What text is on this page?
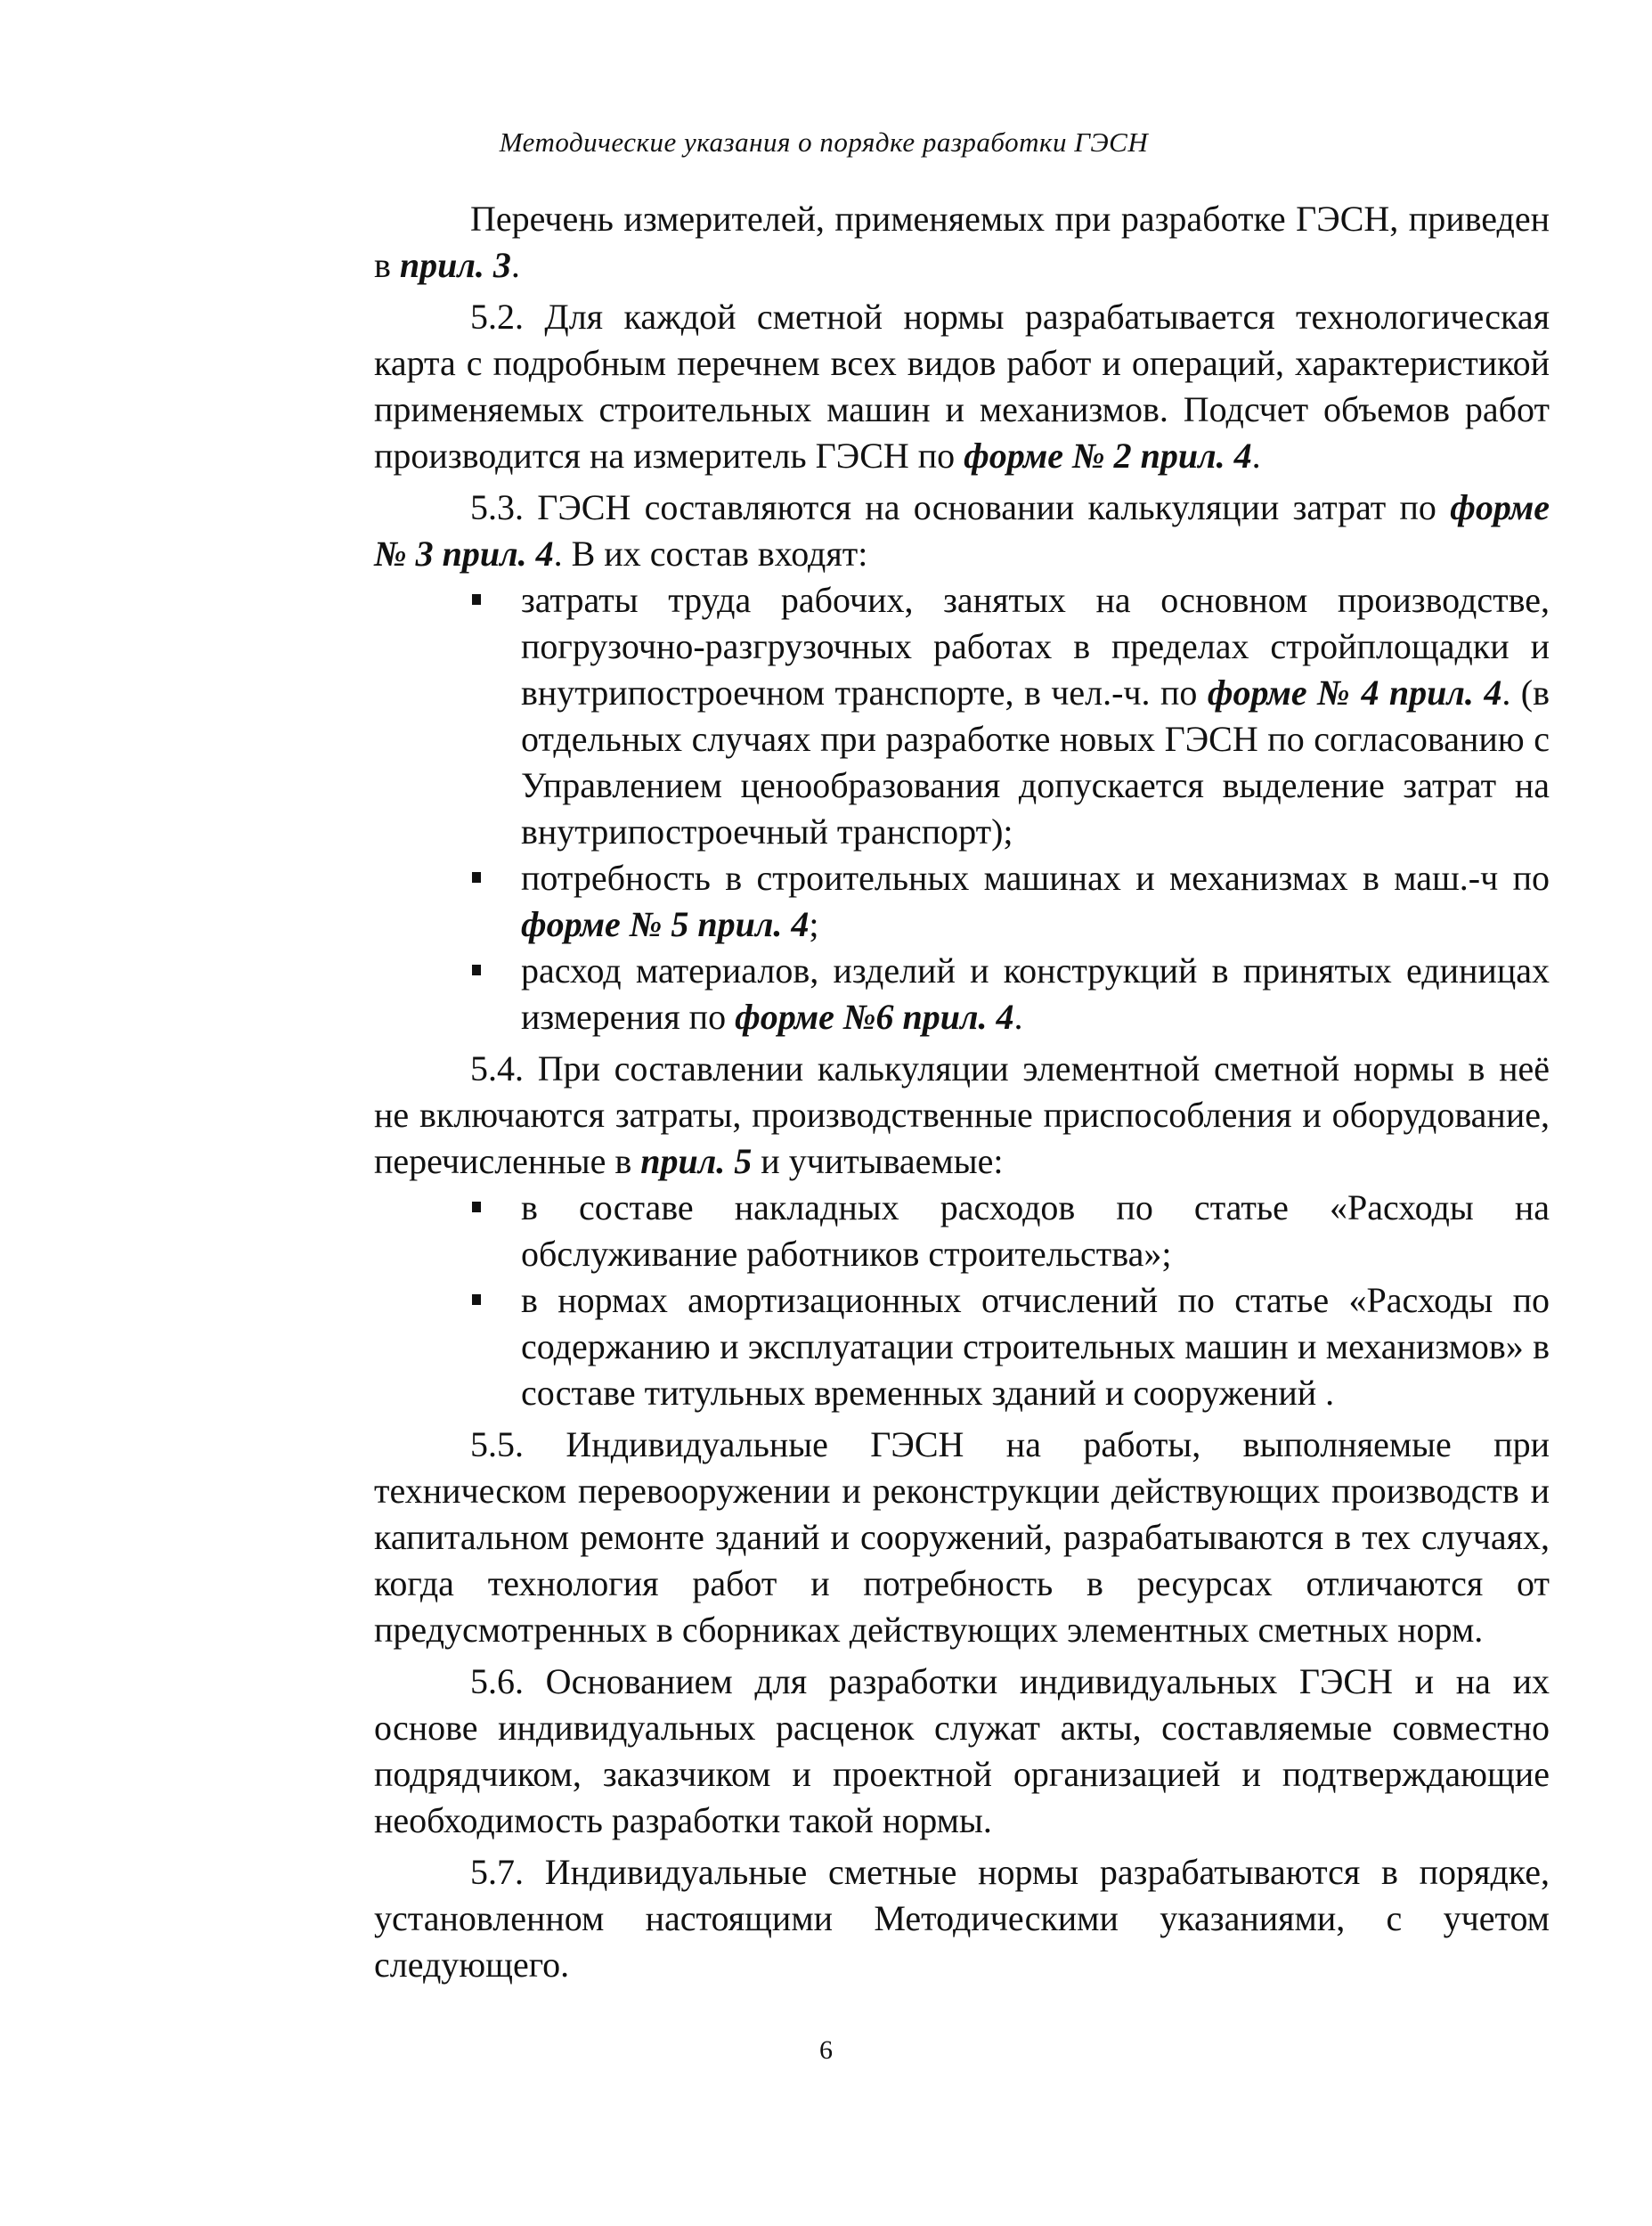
Методические указания о порядке разработки ГЭСН

Перечень измерителей, применяемых при разработке ГЭСН, приведен в прил. 3.

5.2. Для каждой сметной нормы разрабатывается технологическая карта с подробным перечнем всех видов работ и операций, характеристикой применяемых строительных машин и механизмов. Подсчет объемов работ производится на измеритель ГЭСН по форме № 2 прил. 4.

5.3. ГЭСН составляются на основании калькуляции затрат по форме № 3 прил. 4. В их состав входят:

затраты труда рабочих, занятых на основном производстве, погрузочно-разгрузочных работах в пределах стройплощадки и внутрипостроечном транспорте, в чел.-ч. по форме № 4 прил. 4. (в отдельных случаях при разработке новых ГЭСН по согласованию с Управлением ценообразования допускается выделение затрат на внутрипостроечный транспорт);
потребность в строительных машинах и механизмах в маш.-ч по форме № 5 прил. 4;
расход материалов, изделий и конструкций в принятых единицах измерения по форме №6 прил. 4.

5.4. При составлении калькуляции элементной сметной нормы в неё не включаются затраты, производственные приспособления и оборудование, перечисленные в прил. 5 и учитываемые:

в составе накладных расходов по статье «Расходы на обслуживание работников строительства»;
в нормах амортизационных отчислений по статье «Расходы по содержанию и эксплуатации строительных машин и механизмов» в составе титульных временных зданий и сооружений .

5.5. Индивидуальные ГЭСН на работы, выполняемые при техническом перевооружении и реконструкции действующих производств и капитальном ремонте зданий и сооружений, разрабатываются в тех случаях, когда технология работ и потребность в ресурсах отличаются от предусмотренных в сборниках действующих элементных сметных норм.

5.6. Основанием для разработки индивидуальных ГЭСН и на их основе индивидуальных расценок служат акты, составляемые совместно подрядчиком, заказчиком и проектной организацией и подтверждающие необходимость разработки такой нормы.

5.7. Индивидуальные сметные нормы разрабатываются в порядке, установленном настоящими Методическими указаниями, с учетом следующего.

6
